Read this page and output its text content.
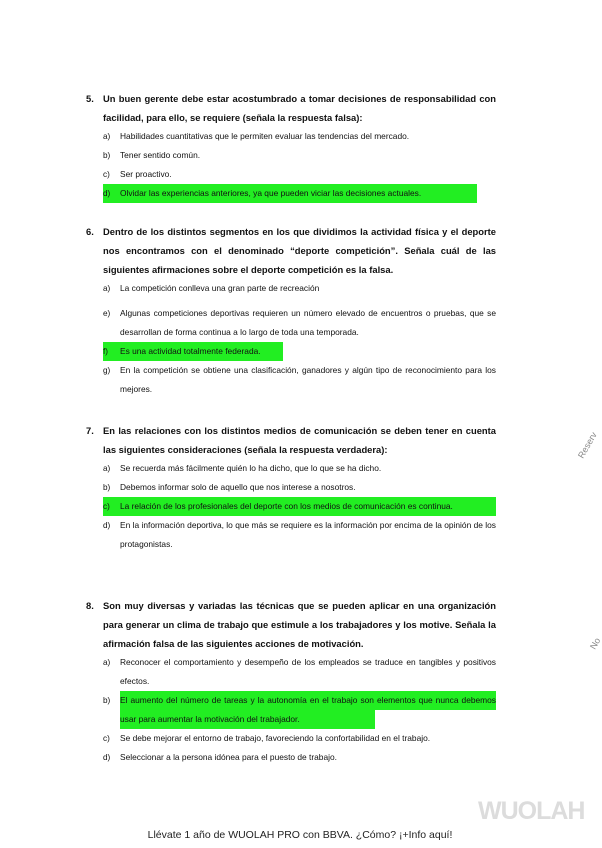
5. Un buen gerente debe estar acostumbrado a tomar decisiones de responsabilidad con facilidad, para ello, se requiere (señala la respuesta falsa):
a)	Habilidades cuantitativas que le permiten evaluar las tendencias del mercado.
b)	Tener sentido común.
c)	Ser proactivo.
d)	Olvidar las experiencias anteriores, ya que pueden viciar las decisiones actuales.
6. Dentro de los distintos segmentos en los que dividimos la actividad física y el deporte nos encontramos con el denominado “deporte competición”. Señala cuál de las siguientes afirmaciones sobre el deporte competición es la falsa.
a)	La competición conlleva una gran parte de recreación
e)	Algunas competiciones deportivas requieren un número elevado de encuentros o pruebas, que se desarrollan de forma continua a lo largo de toda una temporada.
f)	Es una actividad totalmente federada.
g)	En la competición se obtiene una clasificación, ganadores y algún tipo de reconocimiento para los mejores.
7. En las relaciones con los distintos medios de comunicación se deben tener en cuenta las siguientes consideraciones (señala la respuesta verdadera):
a)	Se recuerda más fácilmente quién lo ha dicho, que lo que se ha dicho.
b)	Debemos informar solo de aquello que nos interese a nosotros.
c)	La relación de los profesionales del deporte con los medios de comunicación es continua.
d)	En la información deportiva, lo que más se requiere es la información por encima de la opinión de los protagonistas.
8. Son muy diversas y variadas las técnicas que se pueden aplicar en una organización para generar un clima de trabajo que estimule a los trabajadores y los motive. Señala la afirmación falsa de las siguientes acciones de motivación.
a)	Reconocer el comportamiento y desempeño de los empleados se traduce en tangibles y positivos efectos.
b)	El aumento del número de tareas y la autonomía en el trabajo son elementos que nunca debemos usar para aumentar la motivación del trabajador.
c)	Se debe mejorar el entorno de trabajo, favoreciendo la confortabilidad en el trabajo.
d)	Seleccionar a la persona idónea para el puesto de trabajo.
Reserv
No
WUOLAH
Llévate 1 año de WUOLAH PRO con BBVA. ¿Cómo? ¡+Info aquí!
